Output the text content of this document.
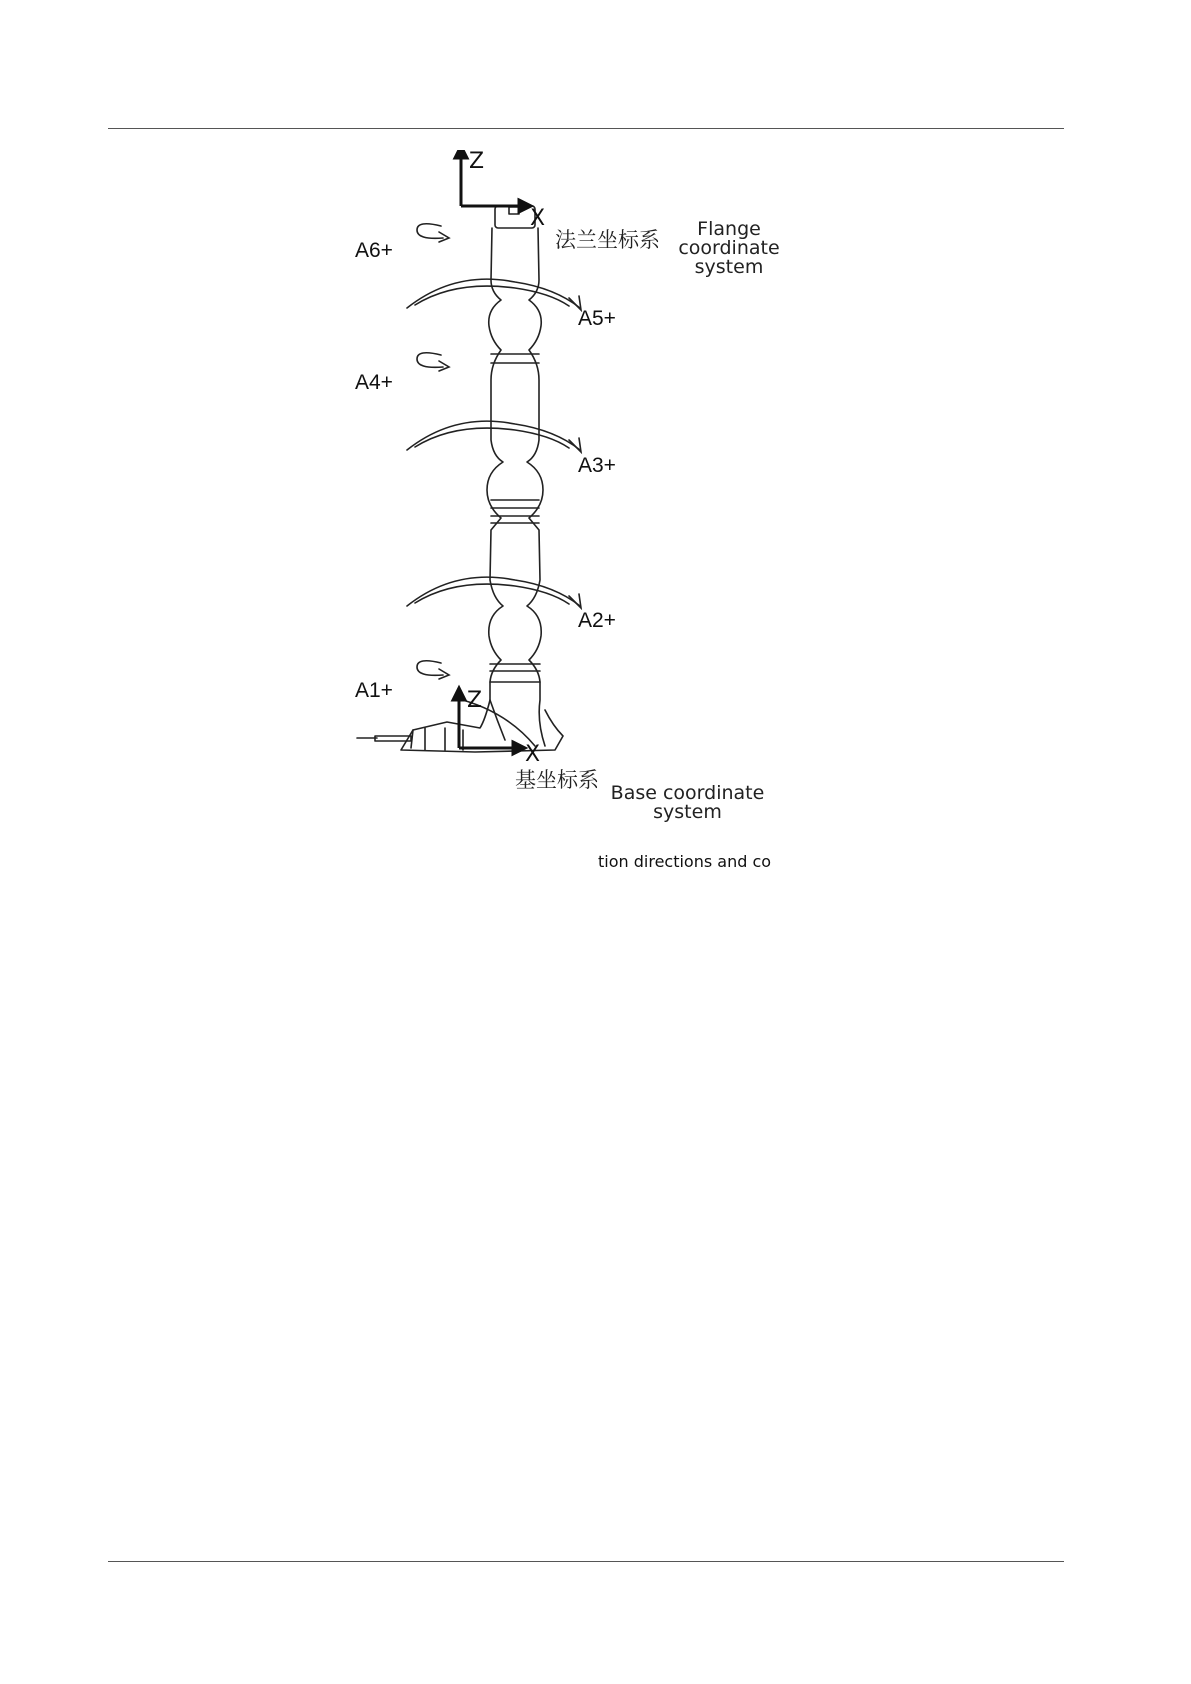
Z
X
法兰坐标系	Flange
coordinate
system
A6+
A5+
A4+
A3+
A2+
A1+	Z
X
基坐标系
Base coordinate
system
tion directions and co
